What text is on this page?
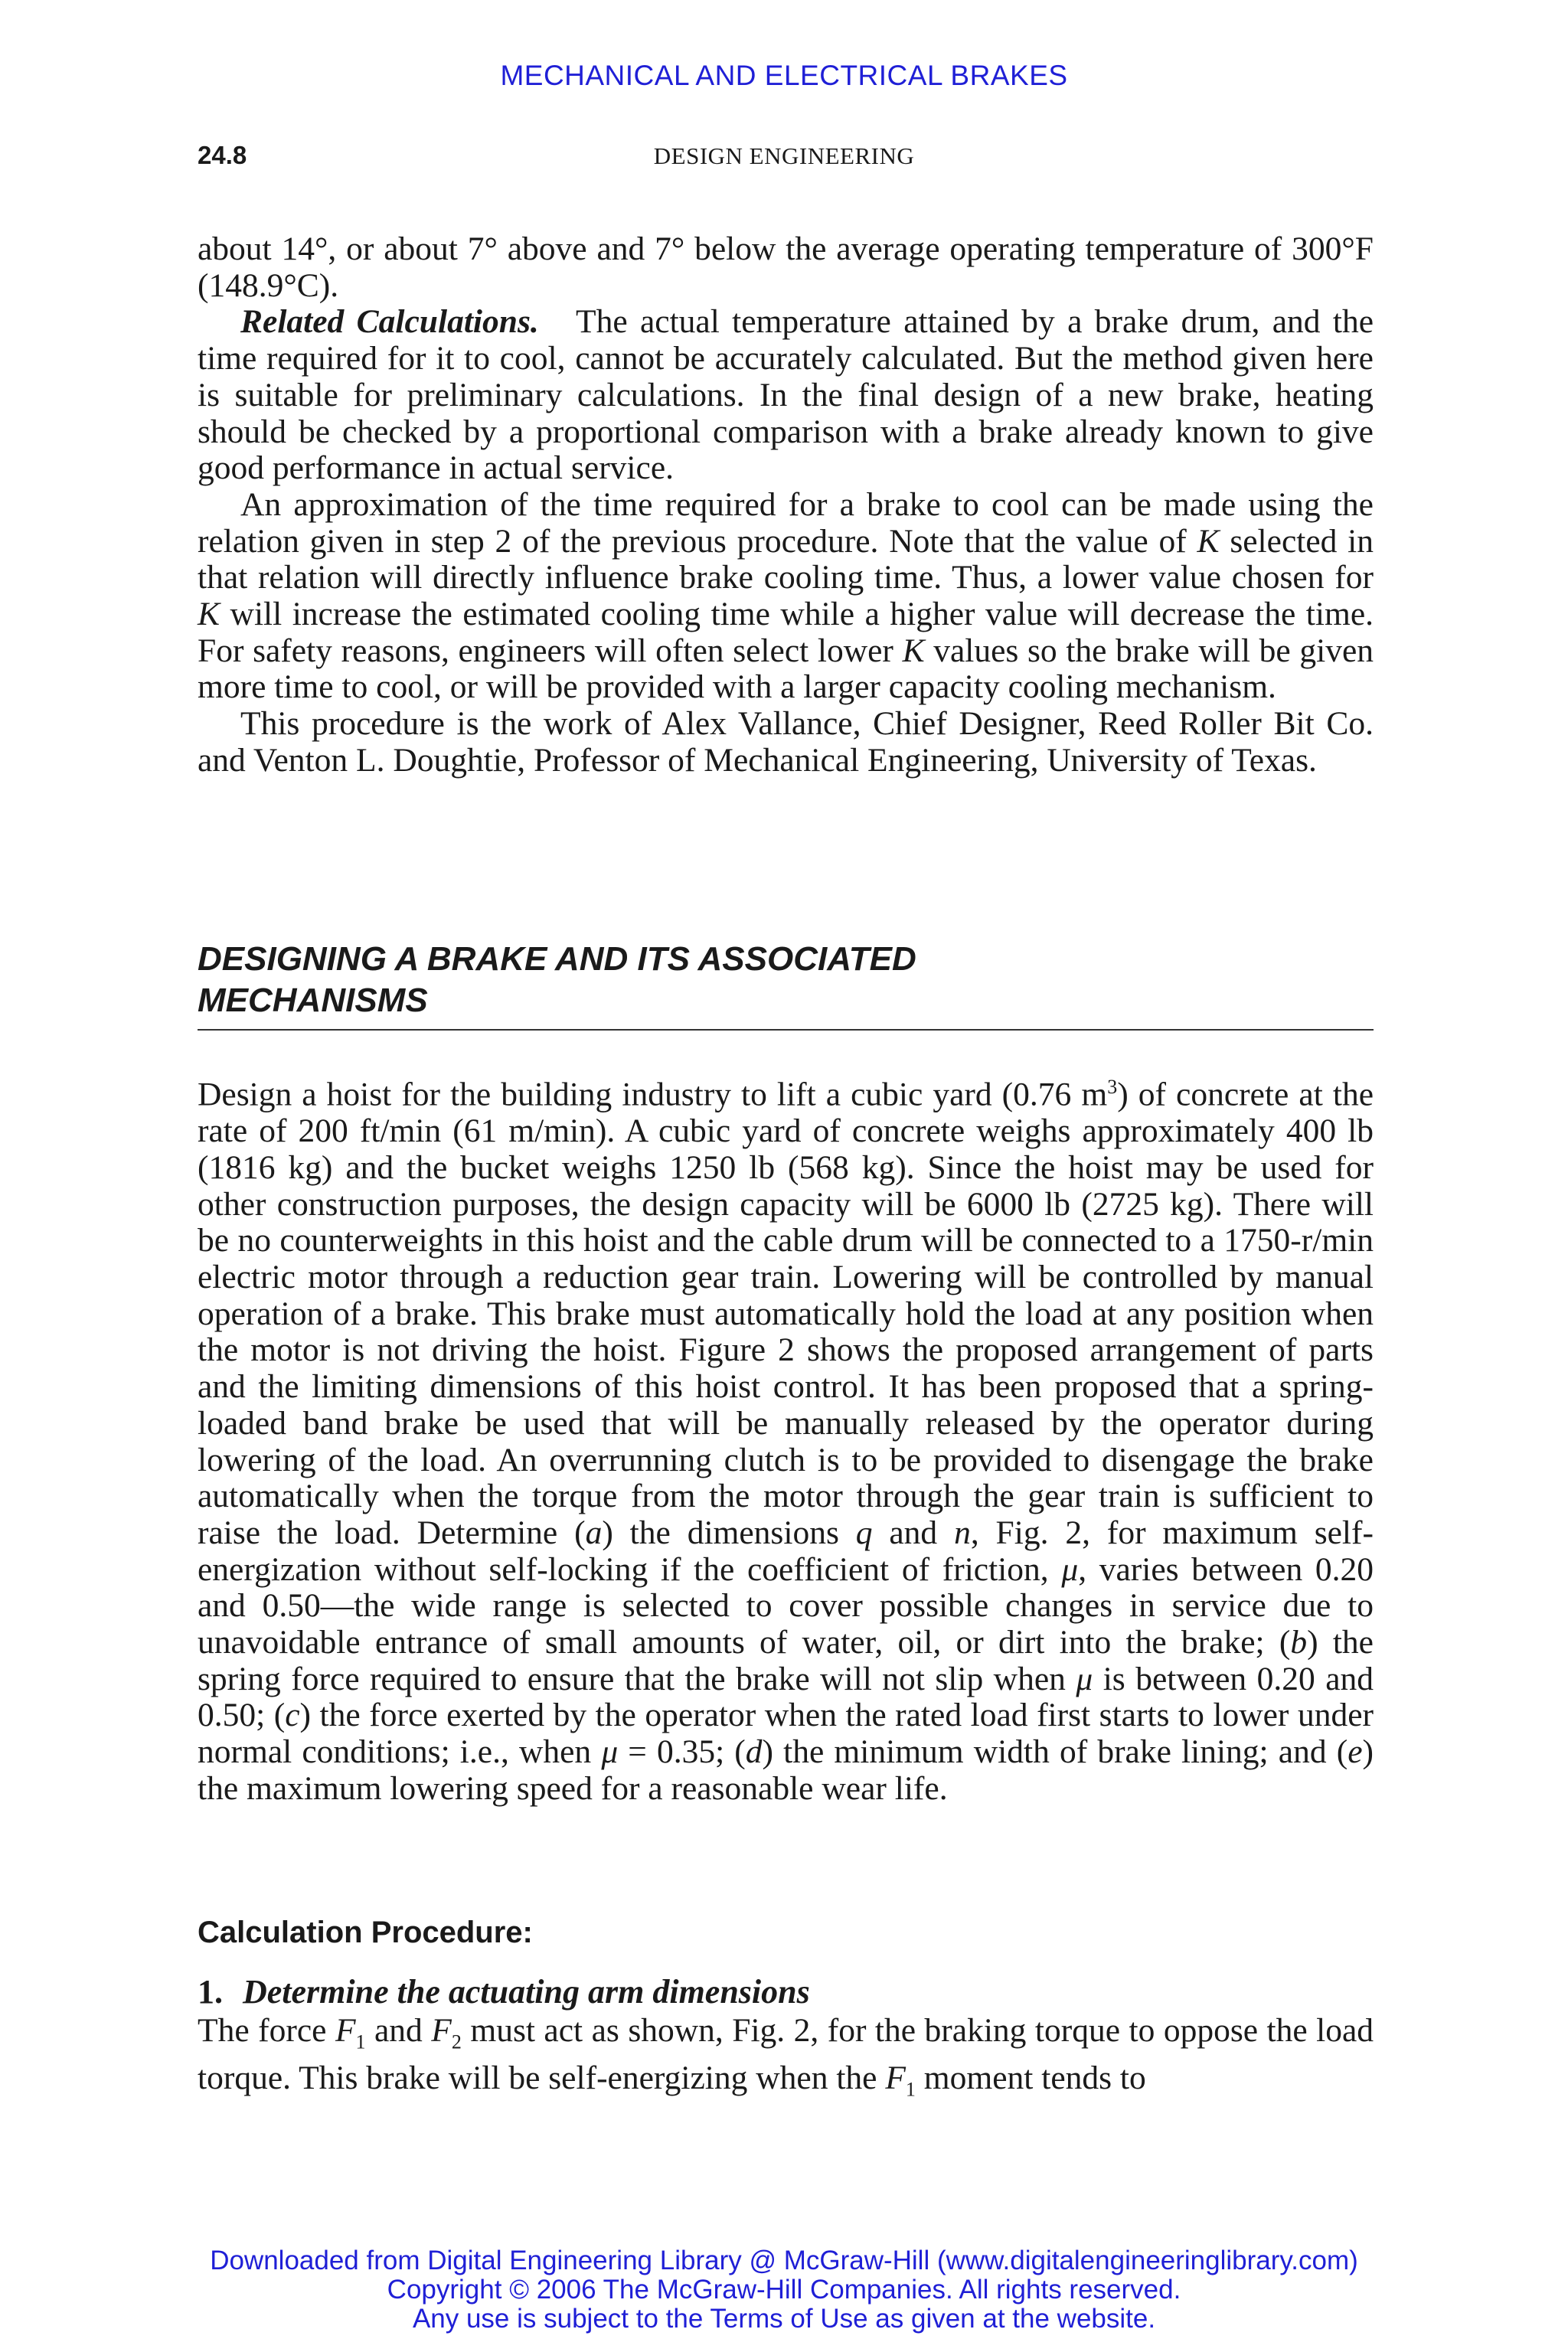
MECHANICAL AND ELECTRICAL BRAKES
24.8	DESIGN ENGINEERING

about 14°, or about 7° above and 7° below the average operating temperature of 300°F (148.9°C).

Related Calculations. The actual temperature attained by a brake drum, and the time required for it to cool, cannot be accurately calculated. But the method given here is suitable for preliminary calculations. In the final design of a new brake, heating should be checked by a proportional comparison with a brake already known to give good performance in actual service.

An approximation of the time required for a brake to cool can be made using the relation given in step 2 of the previous procedure. Note that the value of K selected in that relation will directly influence brake cooling time. Thus, a lower value chosen for K will increase the estimated cooling time while a higher value will decrease the time. For safety reasons, engineers will often select lower K values so the brake will be given more time to cool, or will be provided with a larger capacity cooling mechanism.

This procedure is the work of Alex Vallance, Chief Designer, Reed Roller Bit Co. and Venton L. Doughtie, Professor of Mechanical Engineering, University of Texas.

DESIGNING A BRAKE AND ITS ASSOCIATED
MECHANISMS

Design a hoist for the building industry to lift a cubic yard (0.76 $m^3$) of concrete at the rate of 200 ft/min (61 m/min). A cubic yard of concrete weighs approximately 400 lb (1816 kg) and the bucket weighs 1250 lb (568 kg). Since the hoist may be used for other construction purposes, the design capacity will be 6000 lb (2725 kg). There will be no counterweights in this hoist and the cable drum will be connected to a 1750-r/min electric motor through a reduction gear train. Lowering will be controlled by manual operation of a brake. This brake must automatically hold the load at any position when the motor is not driving the hoist. Figure 2 shows the proposed arrangement of parts and the limiting dimensions of this hoist control. It has been proposed that a spring-loaded band brake be used that will be manually released by the operator during lowering of the load. An overrunning clutch is to be provided to disengage the brake automatically when the torque from the motor through the gear train is sufficient to raise the load. Determine (a) the dimensions q and n, Fig. 2, for maximum self-energization without self-locking if the coefficient of friction, μ, varies between 0.20 and 0.50—the wide range is selected to cover possible changes in service due to unavoidable entrance of small amounts of water, oil, or dirt into the brake; (b) the spring force required to ensure that the brake will not slip when μ is between 0.20 and 0.50; (c) the force exerted by the operator when the rated load first starts to lower under normal conditions; i.e., when μ = 0.35; (d) the minimum width of brake lining; and (e) the maximum lowering speed for a reasonable wear life.

Calculation Procedure:
1. Determine the actuating arm dimensions

The force $F_1$ and $F_2$ must act as shown, Fig. 2, for the braking torque to oppose the load torque. This brake will be self-energizing when the $F_1$ moment tends to

Downloaded from Digital Engineering Library @ McGraw-Hill (www.digitalengineeringlibrary.com)
Copyright © 2006 The McGraw-Hill Companies. All rights reserved.
Any use is subject to the Terms of Use as given at the website.
